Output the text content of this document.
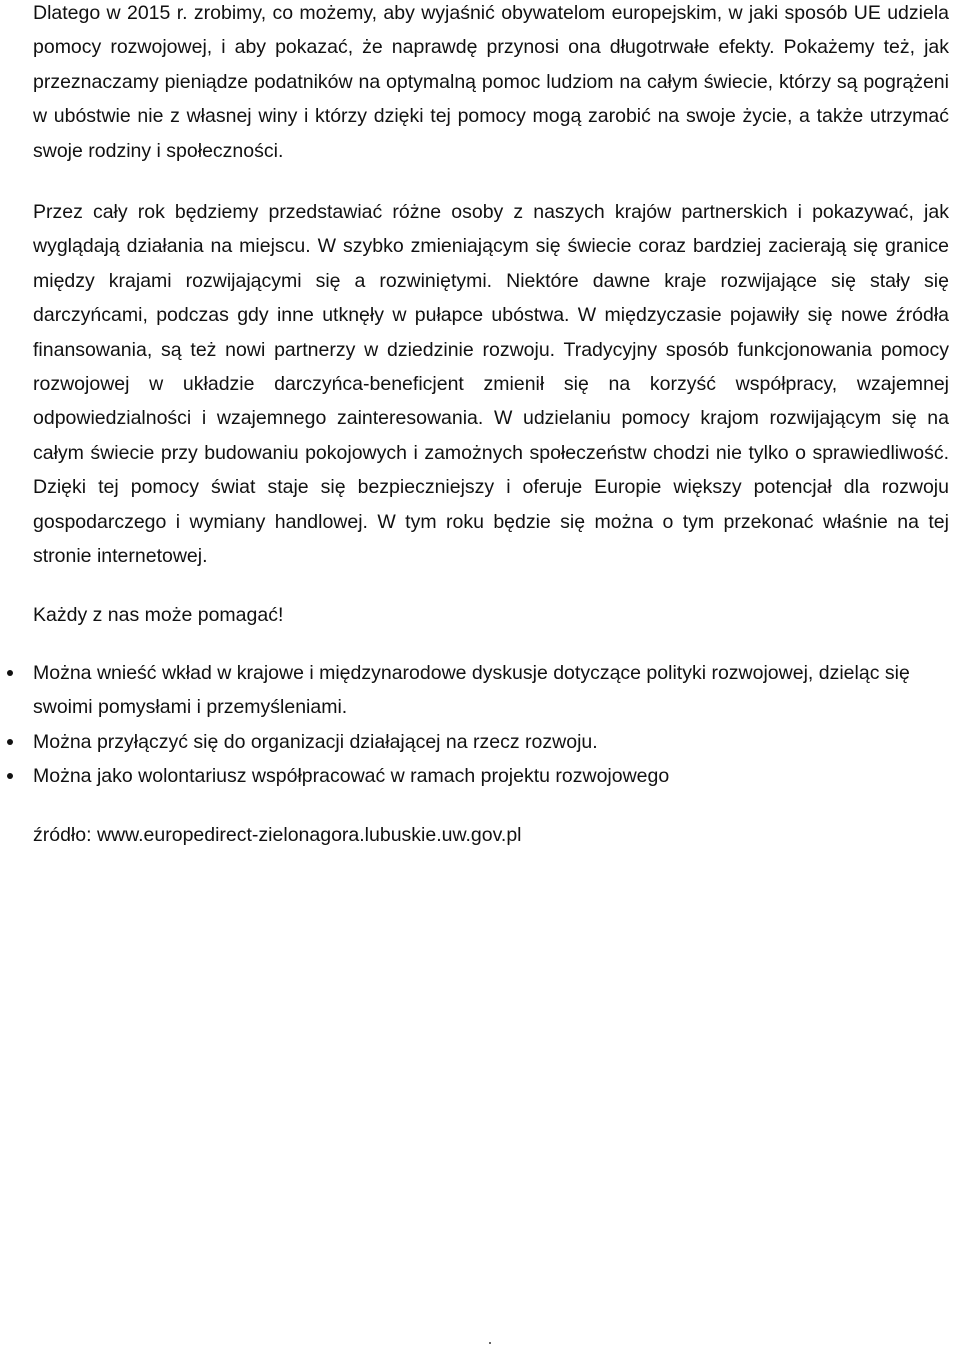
Dlatego w 2015 r. zrobimy, co możemy, aby wyjaśnić obywatelom europejskim, w jaki sposób UE udziela pomocy rozwojowej, i aby pokazać, że naprawdę przynosi ona długotrwałe efekty. Pokażemy też, jak przeznaczamy pieniądze podatników na optymalną pomoc ludziom na całym świecie, którzy są pogrążeni w ubóstwie nie z własnej winy i którzy dzięki tej pomocy mogą zarobić na swoje życie, a także utrzymać swoje rodziny i społeczności.

Przez cały rok będziemy przedstawiać różne osoby z naszych krajów partnerskich i pokazywać, jak wyglądają działania na miejscu. W szybko zmieniającym się świecie coraz bardziej zacierają się granice między krajami rozwijającymi się a rozwiniętymi. Niektóre dawne kraje rozwijające się stały się darczyńcami, podczas gdy inne utknęły w pułapce ubóstwa. W międzyczasie pojawiły się nowe źródła finansowania, są też nowi partnerzy w dziedzinie rozwoju. Tradycyjny sposób funkcjonowania pomocy rozwojowej w układzie darczyńca-beneficjent zmienił się na korzyść współpracy, wzajemnej odpowiedzialności i wzajemnego zainteresowania. W udzielaniu pomocy krajom rozwijającym się na całym świecie przy budowaniu pokojowych i zamożnych społeczeństw chodzi nie tylko o sprawiedliwość. Dzięki tej pomocy świat staje się bezpieczniejszy i oferuje Europie większy potencjał dla rozwoju gospodarczego i wymiany handlowej. W tym roku będzie się można o tym przekonać właśnie na tej stronie internetowej.

Każdy z nas może pomagać!

Można wnieść wkład w krajowe i międzynarodowe dyskusje dotyczące polityki rozwojowej, dzieląc się swoimi pomysłami i przemyśleniami.
Można przyłączyć się do organizacji działającej na rzecz rozwoju.
Można jako wolontariusz współpracować w ramach projektu rozwojowego

źródło: www.europedirect-zielonagora.lubuskie.uw.gov.pl
